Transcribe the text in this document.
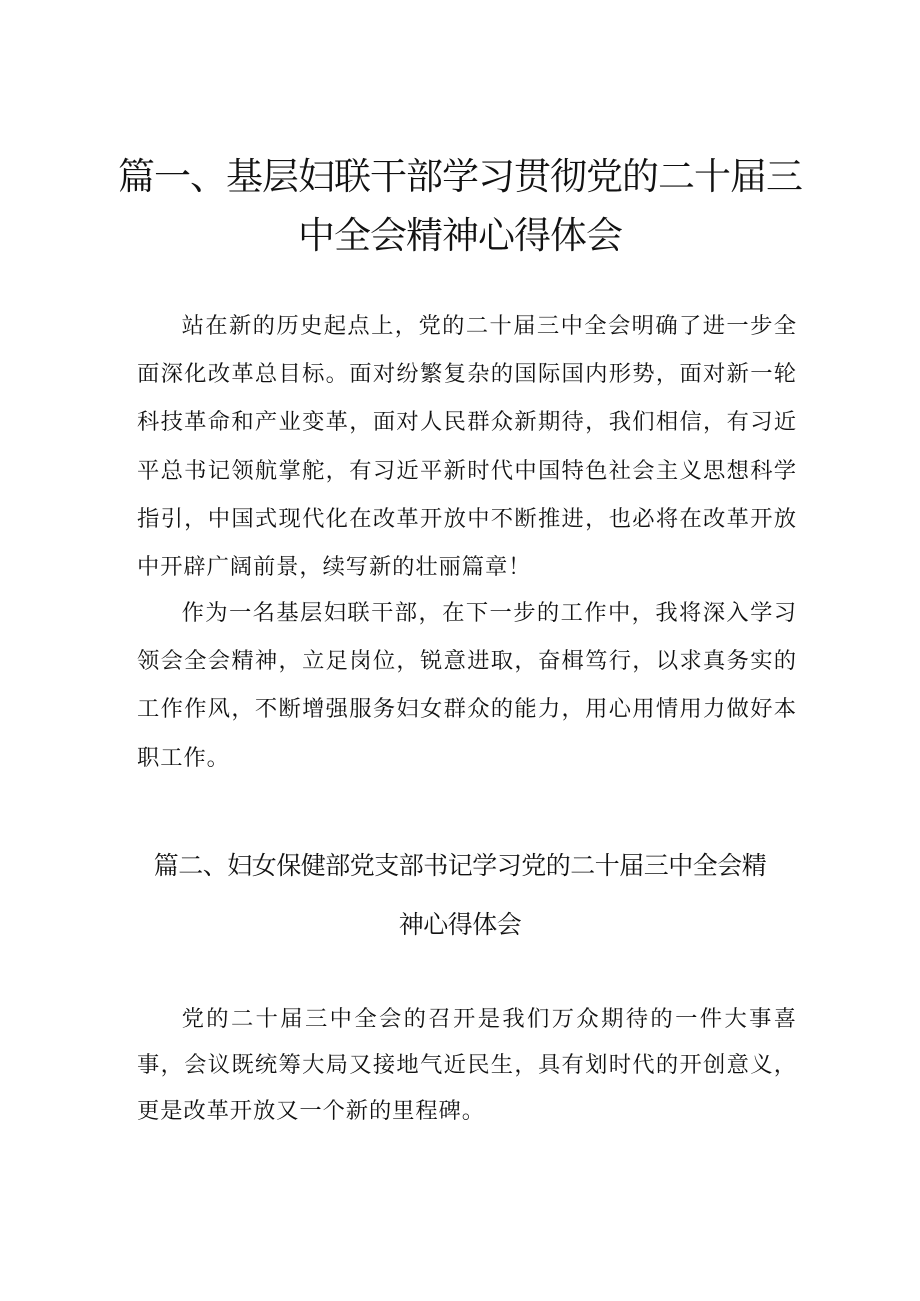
篇一、基层妇联干部学习贯彻党的二十届三
中全会精神心得体会

站在新的历史起点上，党的二十届三中全会明确了进一步全面深化改革总目标。面对纷繁复杂的国际国内形势，面对新一轮科技革命和产业变革，面对人民群众新期待，我们相信，有习近平总书记领航掌舵，有习近平新时代中国特色社会主义思想科学指引，中国式现代化在改革开放中不断推进，也必将在改革开放中开辟广阔前景，续写新的壮丽篇章！

作为一名基层妇联干部，在下一步的工作中，我将深入学习领会全会精神，立足岗位，锐意进取，奋楫笃行，以求真务实的工作作风，不断增强服务妇女群众的能力，用心用情用力做好本职工作。

篇二、妇女保健部党支部书记学习党的二十届三中全会精
神心得体会

党的二十届三中全会的召开是我们万众期待的一件大事喜事，会议既统筹大局又接地气近民生，具有划时代的开创意义，更是改革开放又一个新的里程碑。
